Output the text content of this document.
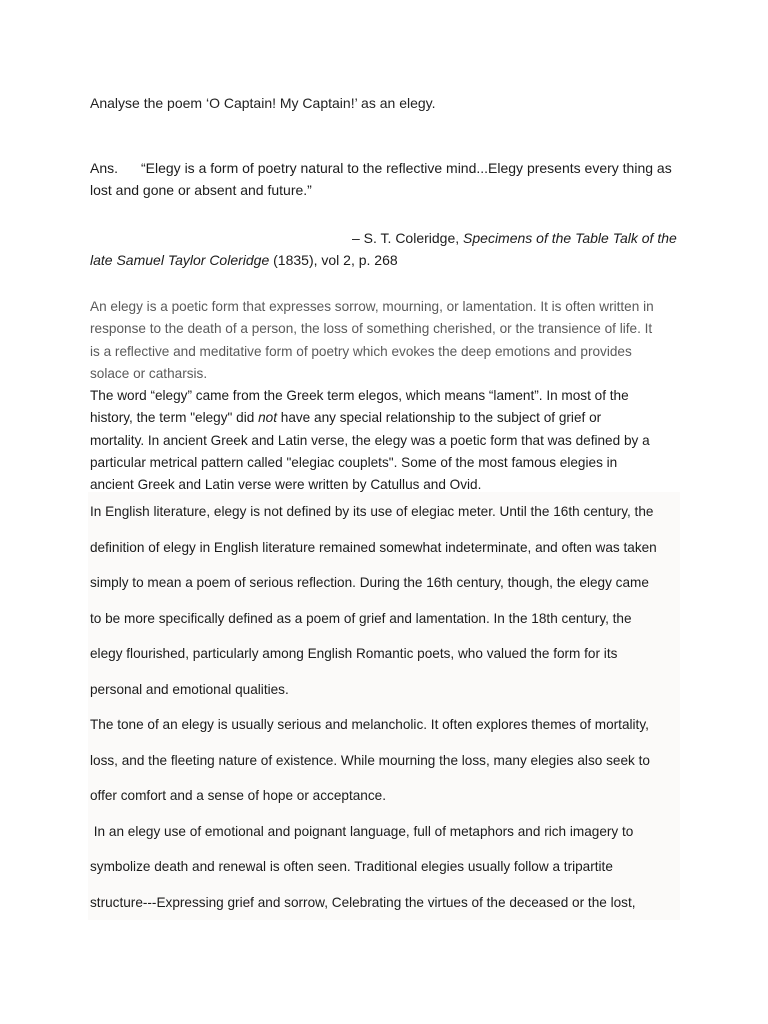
Analyse the poem ‘O Captain! My Captain!’ as an elegy.
Ans. “Elegy is a form of poetry natural to the reflective mind...Elegy presents every thing as
lost and gone or absent and future.”
– S. T. Coleridge, Specimens of the Table Talk of the
late Samuel Taylor Coleridge (1835), vol 2, p. 268
An elegy is a poetic form that expresses sorrow, mourning, or lamentation. It is often written in
response to the death of a person, the loss of something cherished, or the transience of life. It
is a reflective and meditative form of poetry which evokes the deep emotions and provides
solace or catharsis.
The word “elegy” came from the Greek term elegos, which means “lament”. In most of the
history, the term "elegy" did not have any special relationship to the subject of grief or
mortality. In ancient Greek and Latin verse, the elegy was a poetic form that was defined by a
particular metrical pattern called "elegiac couplets". Some of the most famous elegies in
ancient Greek and Latin verse were written by Catullus and Ovid.
In English literature, elegy is not defined by its use of elegiac meter. Until the 16th century, the
definition of elegy in English literature remained somewhat indeterminate, and often was taken
simply to mean a poem of serious reflection. During the 16th century, though, the elegy came
to be more specifically defined as a poem of grief and lamentation. In the 18th century, the
elegy flourished, particularly among English Romantic poets, who valued the form for its
personal and emotional qualities.
The tone of an elegy is usually serious and melancholic. It often explores themes of mortality,
loss, and the fleeting nature of existence. While mourning the loss, many elegies also seek to
offer comfort and a sense of hope or acceptance.
In an elegy use of emotional and poignant language, full of metaphors and rich imagery to
symbolize death and renewal is often seen. Traditional elegies usually follow a tripartite
structure---Expressing grief and sorrow, Celebrating the virtues of the deceased or the lost,
